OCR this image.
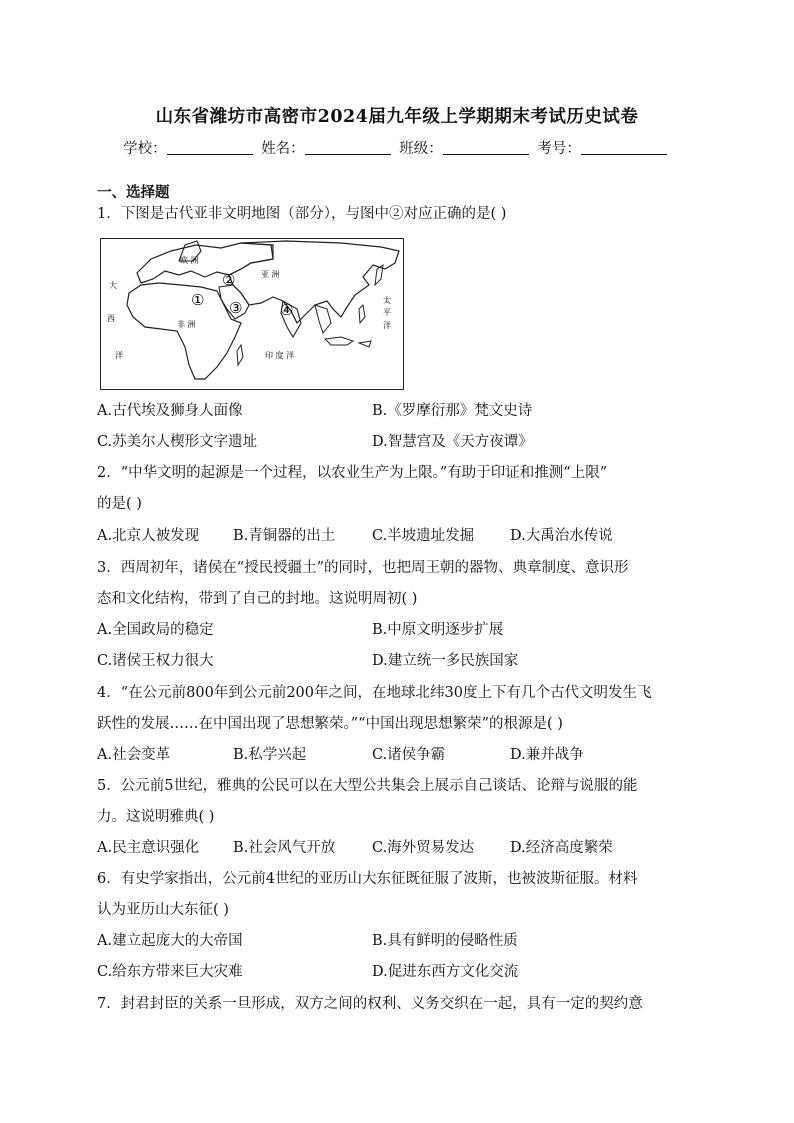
山东省潍坊市高密市2024届九年级上学期期末考试历史试卷
学校：	姓名：	班级：	考号：
一、选择题
1．下图是古代亚非文明地图（部分），与图中②对应正确的是( )
欧 洲
亚 洲
非 洲
大
西
洋	印 度 洋
太
平
洋
①
②
③	④
A.古代埃及狮身人面像	B.《罗摩衍那》梵文史诗
C.苏美尔人楔形文字遗址	D.智慧宫及《天方夜谭》
2．“中华文明的起源是一个过程，以农业生产为上限。”有助于印证和推测“上限”
的是( )
A.北京人被发现 B.青铜器的出土	C.半坡遗址发掘 D.大禹治水传说
3．西周初年，诸侯在“授民授疆土”的同时，也把周王朝的器物、典章制度、意识形
态和文化结构，带到了自己的封地。这说明周初( )
A.全国政局的稳定	B.中原文明逐步扩展
C.诸侯王权力很大	D.建立统一多民族国家
4．“在公元前800年到公元前200年之间，在地球北纬30度上下有几个古代文明发生飞
跃性的发展……在中国出现了思想繁荣。”“中国出现思想繁荣”的根源是( )
A.社会变革	B.私学兴起	C.诸侯争霸	D.兼并战争
5．公元前5世纪，雅典的公民可以在大型公共集会上展示自己谈话、论辩与说服的能
力。这说明雅典( )
A.民主意识强化 B.社会风气开放	C.海外贸易发达 D.经济高度繁荣
6．有史学家指出，公元前4世纪的亚历山大东征既征服了波斯，也被波斯征服。材料
认为亚历山大东征( )
A.建立起庞大的大帝国	B.具有鲜明的侵略性质
C.给东方带来巨大灾难	D.促进东西方文化交流
7．封君封臣的关系一旦形成，双方之间的权利、义务交织在一起，具有一定的契约意
